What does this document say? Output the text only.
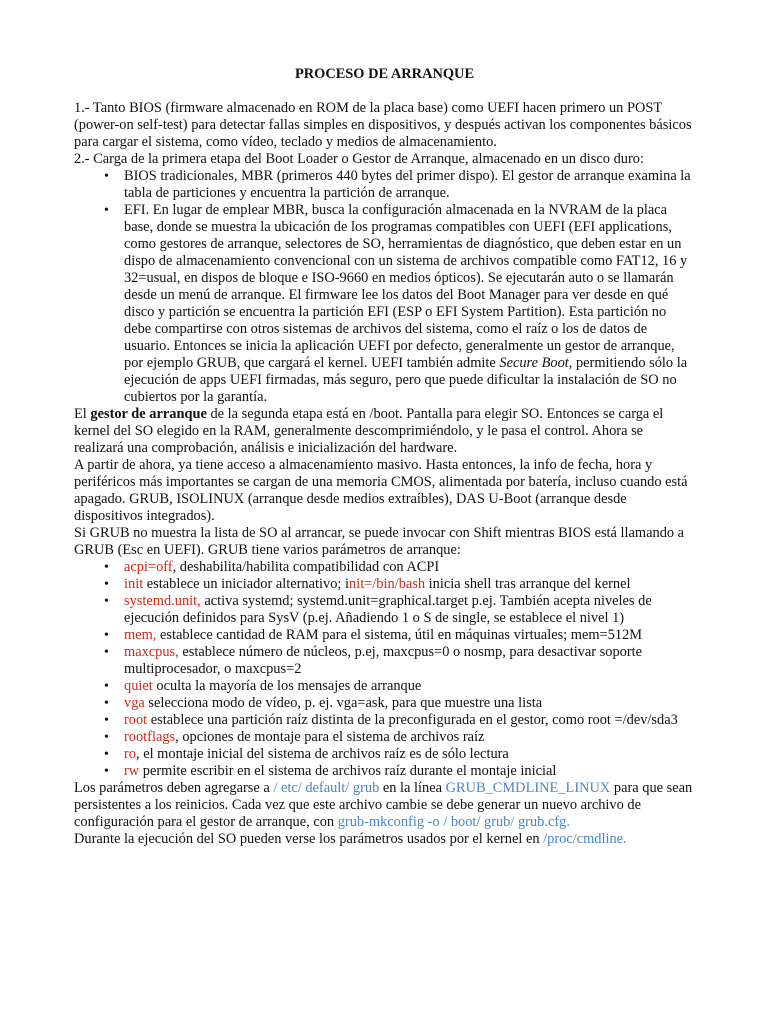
PROCESO DE ARRANQUE

1.- Tanto BIOS (firmware almacenado en ROM de la placa base) como UEFI hacen primero un POST (power-on self-test) para detectar fallas simples en dispositivos, y después activan los componentes básicos para cargar el sistema, como vídeo, teclado y medios de almacenamiento.

2.- Carga de la primera etapa del Boot Loader o Gestor de Arranque, almacenado en un disco duro:

• BIOS tradicionales, MBR (primeros 440 bytes del primer dispo). El gestor de arranque examina la tabla de particiones y encuentra la partición de arranque.
• EFI. En lugar de emplear MBR, busca la configuración almacenada en la NVRAM de la placa base, donde se muestra la ubicación de los programas compatibles con UEFI (EFI applications, como gestores de arranque, selectores de SO, herramientas de diagnóstico, que deben estar en un dispo de almacenamiento convencional con un sistema de archivos compatible como FAT12, 16 y 32=usual, en dispos de bloque e ISO-9660 en medios ópticos). Se ejecutarán auto o se llamarán desde un menú de arranque. El firmware lee los datos del Boot Manager para ver desde en qué disco y partición se encuentra la partición EFI (ESP o EFI System Partition). Esta partición no debe compartirse con otros sistemas de archivos del sistema, como el raíz o los de datos de usuario. Entonces se inicia la aplicación UEFI por defecto, generalmente un gestor de arranque, por ejemplo GRUB, que cargará el kernel. UEFI también admite Secure Boot, permitiendo sólo la ejecución de apps UEFI firmadas, más seguro, pero que puede dificultar la instalación de SO no cubiertos por la garantía.

El gestor de arranque de la segunda etapa está en /boot. Pantalla para elegir SO. Entonces se carga el kernel del SO elegido en la RAM, generalmente descomprimiéndolo, y le pasa el control. Ahora se realizará una comprobación, análisis e inicialización del hardware.

A partir de ahora, ya tiene acceso a almacenamiento masivo. Hasta entonces, la info de fecha, hora y periféricos más importantes se cargan de una memoria CMOS, alimentada por batería, incluso cuando está apagado. GRUB, ISOLINUX (arranque desde medios extraíbles), DAS U-Boot (arranque desde dispositivos integrados).

Si GRUB no muestra la lista de SO al arrancar, se puede invocar con Shift mientras BIOS está llamando a GRUB (Esc en UEFI). GRUB tiene varios parámetros de arranque:

• acpi=off, deshabilita/habilita compatibilidad con ACPI
• init establece un iniciador alternativo; init=/bin/bash inicia shell tras arranque del kernel
• systemd.unit, activa systemd; systemd.unit=graphical.target p.ej. También acepta niveles de ejecución definidos para SysV (p.ej. Añadiendo 1 o S de single, se establece el nivel 1)
• mem, establece cantidad de RAM para el sistema, útil en máquinas virtuales; mem=512M
• maxcpus, establece número de núcleos, p.ej, maxcpus=0 o nosmp, para desactivar soporte multiprocesador, o maxcpus=2
• quiet oculta la mayoría de los mensajes de arranque
• vga selecciona modo de vídeo, p. ej. vga=ask, para que muestre una lista
• root establece una partición raíz distinta de la preconfigurada en el gestor, como root =/dev/sda3
• rootflags, opciones de montaje para el sistema de archivos raíz
• ro, el montaje inicial del sistema de archivos raíz es de sólo lectura
• rw permite escribir en el sistema de archivos raíz durante el montaje inicial

Los parámetros deben agregarse a / etc/ default/ grub en la línea GRUB_CMDLINE_LINUX para que sean persistentes a los reinicios. Cada vez que este archivo cambie se debe generar un nuevo archivo de configuración para el gestor de arranque, con grub-mkconfig -o / boot/ grub/ grub.cfg.

Durante la ejecución del SO pueden verse los parámetros usados por el kernel en /proc/cmdline.
